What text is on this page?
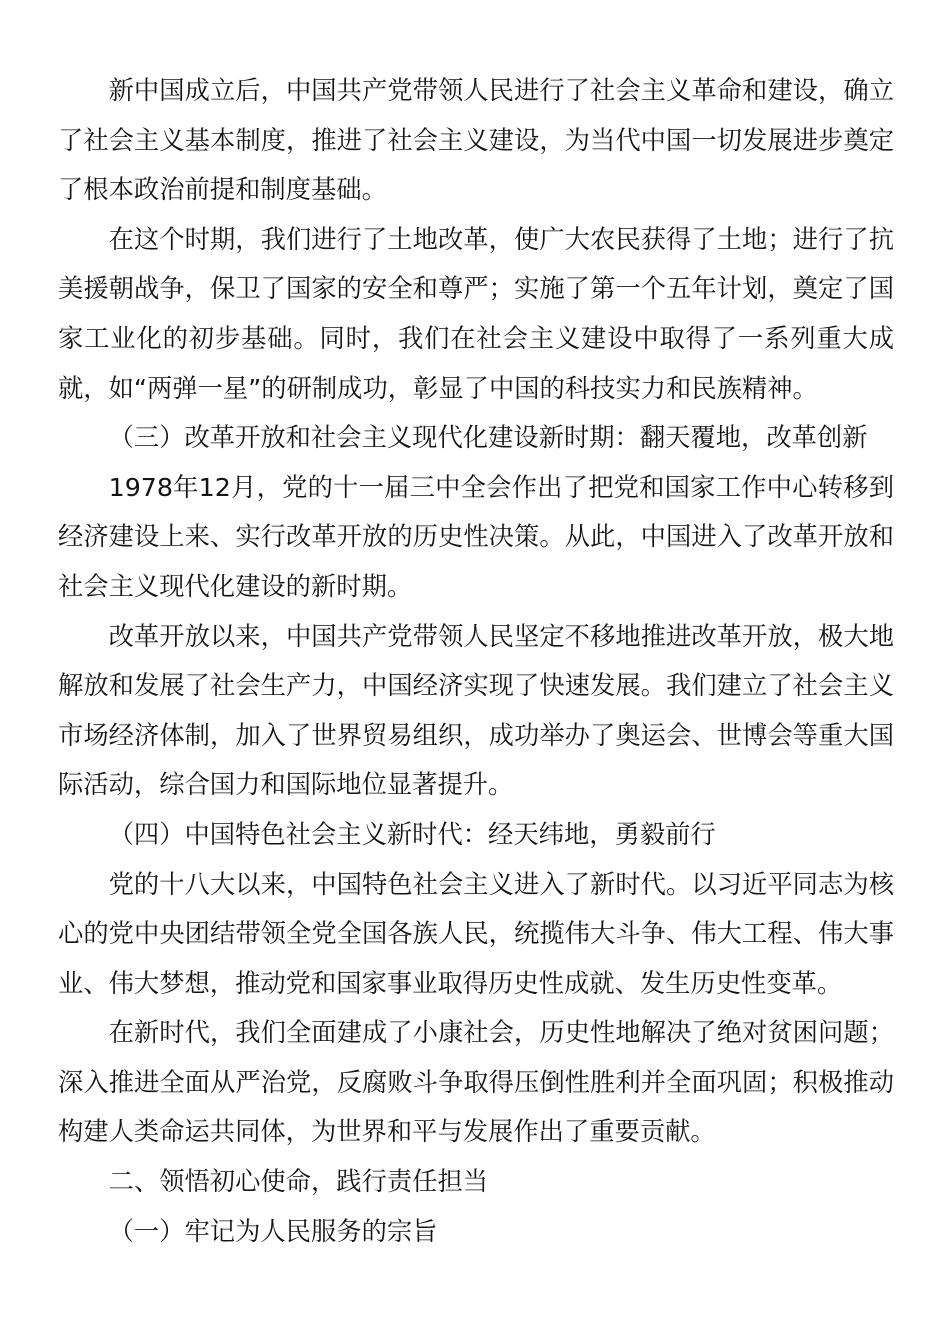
新中国成立后，中国共产党带领人民进行了社会主义革命和建设，确立了社会主义基本制度，推进了社会主义建设，为当代中国一切发展进步奠定了根本政治前提和制度基础。

在这个时期，我们进行了土地改革，使广大农民获得了土地；进行了抗美援朝战争，保卫了国家的安全和尊严；实施了第一个五年计划，奠定了国家工业化的初步基础。同时，我们在社会主义建设中取得了一系列重大成就，如“两弹一星”的研制成功，彰显了中国的科技实力和民族精神。

（三）改革开放和社会主义现代化建设新时期：翻天覆地，改革创新

1978年12月，党的十一届三中全会作出了把党和国家工作中心转移到经济建设上来、实行改革开放的历史性决策。从此，中国进入了改革开放和社会主义现代化建设的新时期。

改革开放以来，中国共产党带领人民坚定不移地推进改革开放，极大地解放和发展了社会生产力，中国经济实现了快速发展。我们建立了社会主义市场经济体制，加入了世界贸易组织，成功举办了奥运会、世博会等重大国际活动，综合国力和国际地位显著提升。

（四）中国特色社会主义新时代：经天纬地，勇毅前行

党的十八大以来，中国特色社会主义进入了新时代。以习近平同志为核心的党中央团结带领全党全国各族人民，统揽伟大斗争、伟大工程、伟大事业、伟大梦想，推动党和国家事业取得历史性成就、发生历史性变革。

在新时代，我们全面建成了小康社会，历史性地解决了绝对贫困问题；深入推进全面从严治党，反腐败斗争取得压倒性胜利并全面巩固；积极推动构建人类命运共同体，为世界和平与发展作出了重要贡献。

二、领悟初心使命，践行责任担当

（一）牢记为人民服务的宗旨
